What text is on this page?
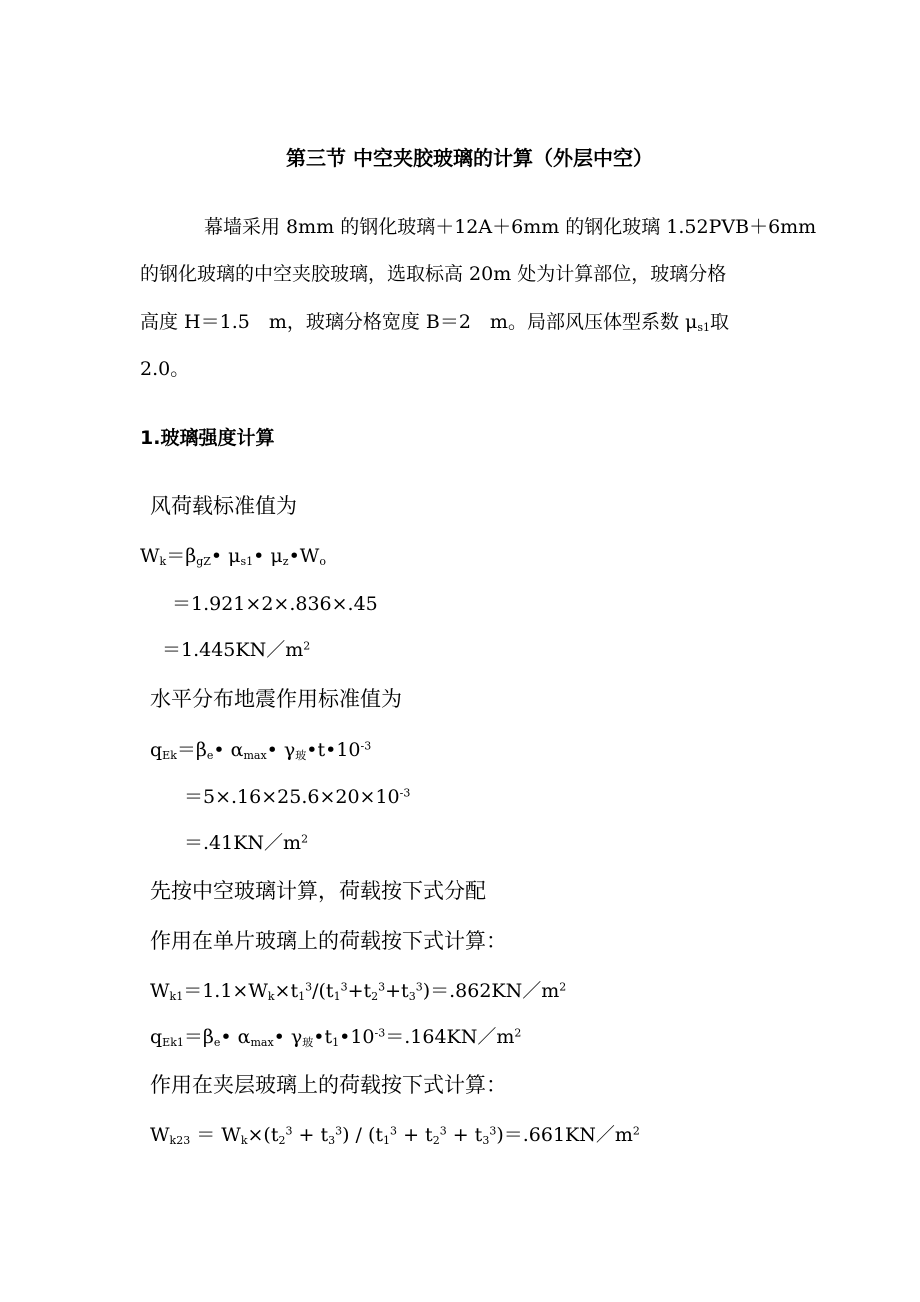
第三节 中空夹胶玻璃的计算（外层中空）
幕墙采用 8mm 的钢化玻璃＋12A＋6mm 的钢化玻璃 1.52PVB＋6mm
的钢化玻璃的中空夹胶玻璃，选取标高 20m 处为计算部位，玻璃分格
高度 H＝1.5　m，玻璃分格宽度 B＝2　m。局部风压体型系数 $\mu_{s1}$取
2.0。
1.玻璃强度计算
风荷载标准值为
$W_k=\beta_{gZ}•$ $\mu_{s1}•$ $\mu_z•W_o$
＝1.921×2×.836×.45
$=1.445KN/m^2$
水平分布地震作用标准值为
$q_{Ek}=\beta_e•$ $\alpha_{max}•$ $\gamma_玻•t•10^{-3}$
$=5\times.16\times 25.6\times 20\times 10^{-3}$
$=.41KN/m^2$
先按中空玻璃计算，荷载按下式分配
作用在单片玻璃上的荷载按下式计算：
$W_{k1}=1.1\times W_k\times t_1^3/(t_1^3+t_2^3+t_3^3)=.862KN/m^2$
$q_{Ek1}=\beta_e•$ $\alpha_{max}•$ $\gamma_玻•t_1•10^{-3}=.164KN/m^2$
作用在夹层玻璃上的荷载按下式计算：
$W_{k23} = W_k\times(t_2^3 + t_3^3) / (t_1^3 + t_2^3$ + $t_3^3)=.661KN/m^2$
